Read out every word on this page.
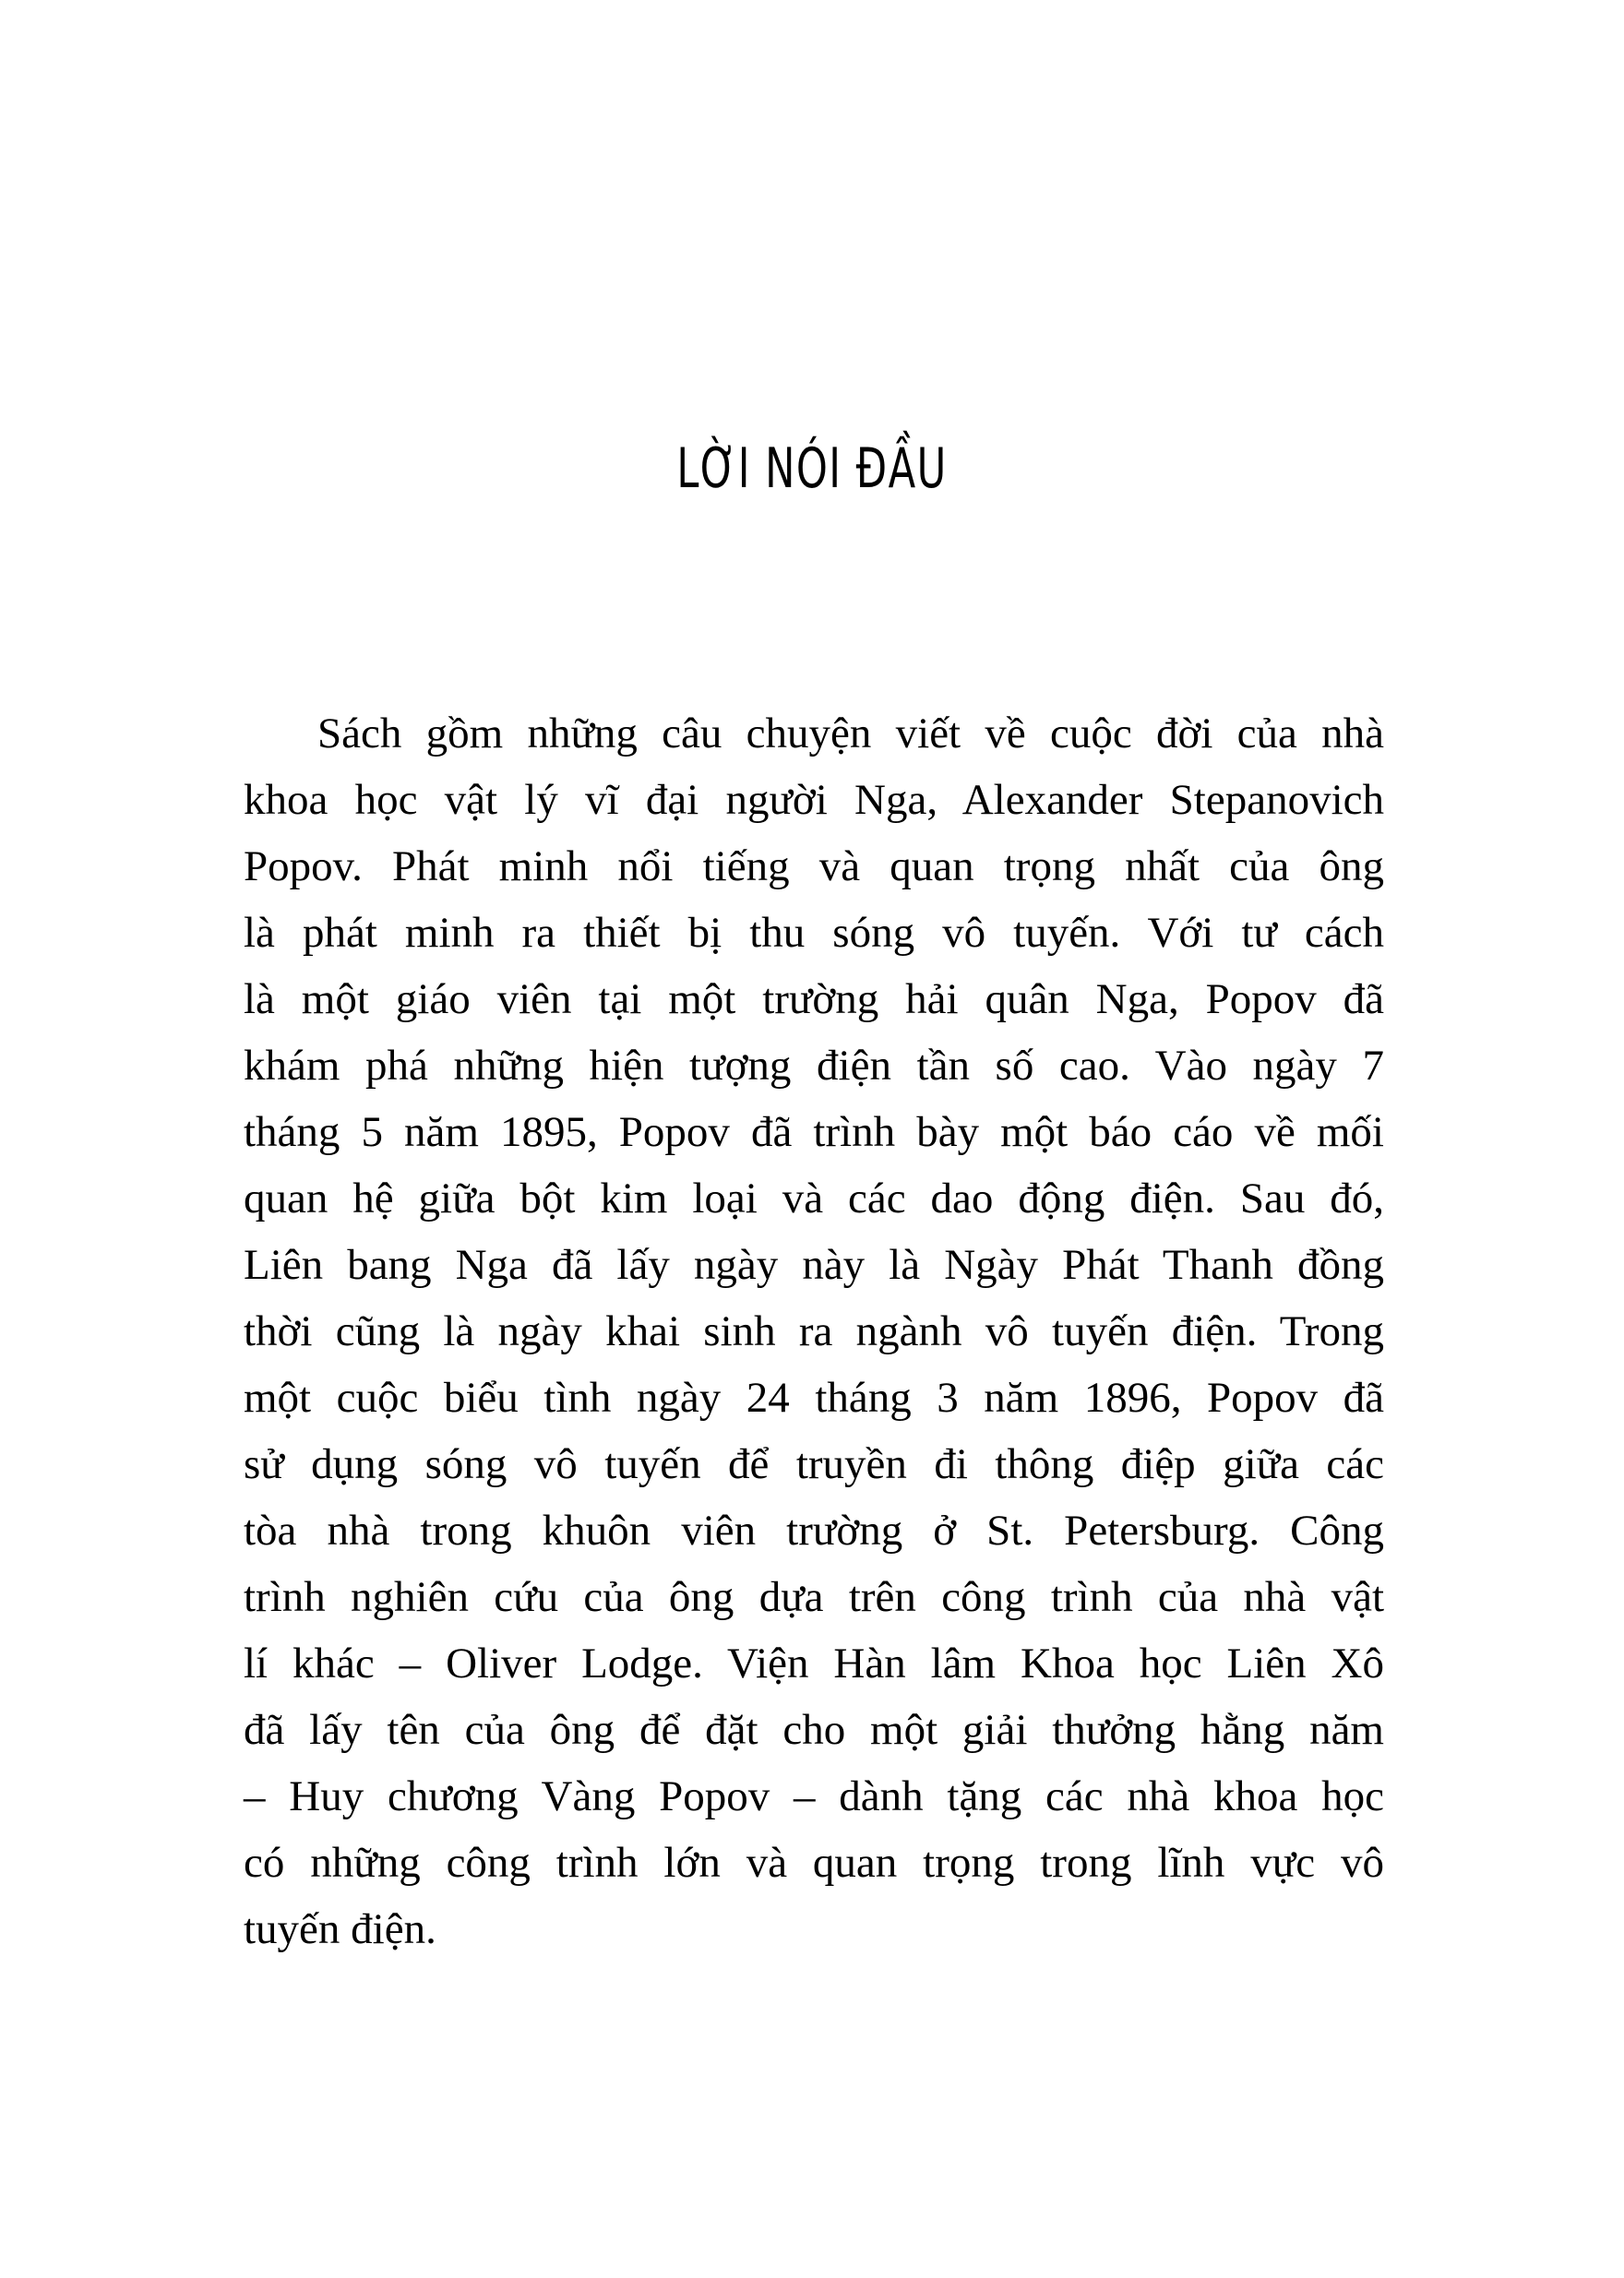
LỜI NÓI ĐẦU
Sách gồm những câu chuyện viết về cuộc đời của nhà
khoa học vật lý vĩ đại người Nga, Alexander Stepanovich
Popov. Phát minh nổi tiếng và quan trọng nhất của ông
là phát minh ra thiết bị thu sóng vô tuyến. Với tư cách
là một giáo viên tại một trường hải quân Nga, Popov đã
khám phá những hiện tượng điện tần số cao. Vào ngày 7
tháng 5 năm 1895, Popov đã trình bày một báo cáo về mối
quan hệ giữa bột kim loại và các dao động điện. Sau đó,
Liên bang Nga đã lấy ngày này là Ngày Phát Thanh đồng
thời cũng là ngày khai sinh ra ngành vô tuyến điện. Trong
một cuộc biểu tình ngày 24 tháng 3 năm 1896, Popov đã
sử dụng sóng vô tuyến để truyền đi thông điệp giữa các
tòa nhà trong khuôn viên trường ở St. Petersburg. Công
trình nghiên cứu của ông dựa trên công trình của nhà vật
lí khác – Oliver Lodge. Viện Hàn lâm Khoa học Liên Xô
đã lấy tên của ông để đặt cho một giải thưởng hằng năm
– Huy chương Vàng Popov – dành tặng các nhà khoa học
có những công trình lớn và quan trọng trong lĩnh vực vô
tuyến điện.
